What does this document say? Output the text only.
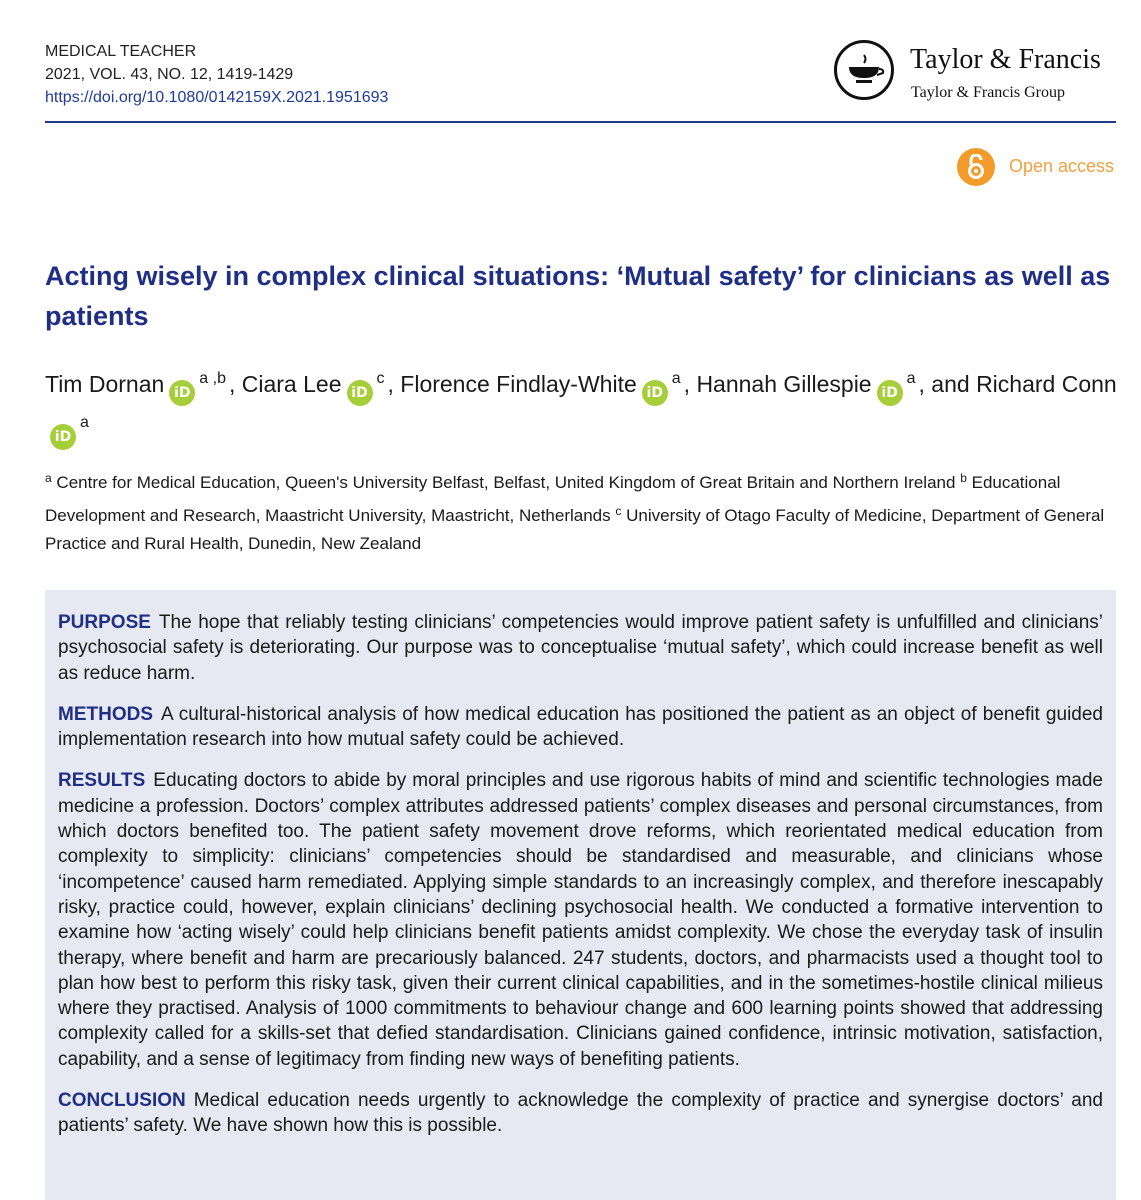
MEDICAL TEACHER
2021, VOL. 43, NO. 12, 1419-1429
https://doi.org/10.1080/0142159X.2021.1951693
Taylor & Francis
Taylor & Francis Group
Open access
Acting wisely in complex clinical situations: ‘Mutual safety’ for clinicians as well as patients
Tim Dornan iD$^{a ,b}$ , Ciara Lee $iD^c$ , Florence Findlay-White $iD^a$ , Hannah Gillespie $iD^a$ , and Richard ConniD$^a$
$^a$ Centre for Medical Education, Queen's University Belfast, Belfast, United Kingdom of Great Britain and Northern Ireland $^b$ Educational Development and Research, Maastricht University, Maastricht, Netherlands $^c$ University of Otago Faculty of Medicine, Department of General Practice and Rural Health, Dunedin, New Zealand

PURPOSE The hope that reliably testing clinicians’ competencies would improve patient safety is unfulfilled and clinicians’ psychosocial safety is deteriorating. Our purpose was to conceptualise ‘mutual safety’, which could increase benefit as well as reduce harm.

METHODS A cultural-historical analysis of how medical education has positioned the patient as an object of benefit guided implementation research into how mutual safety could be achieved.

RESULTS Educating doctors to abide by moral principles and use rigorous habits of mind and scientific technologies made medicine a profession. Doctors’ complex attributes addressed patients’ complex diseases and personal circumstances, from which doctors benefited too. The patient safety movement drove reforms, which reorientated medical education from complexity to simplicity: clinicians’ competencies should be standardised and measurable, and clinicians whose ‘incompetence’ caused harm remediated. Applying simple standards to an increasingly complex, and therefore inescapably risky, practice could, however, explain clinicians’ declining psychosocial health. We conducted a formative intervention to examine how ‘acting wisely’ could help clinicians benefit patients amidst complexity. We chose the everyday task of insulin therapy, where benefit and harm are precariously balanced. 247 students, doctors, and pharmacists used a thought tool to plan how best to perform this risky task, given their current clinical capabilities, and in the sometimes-hostile clinical milieus where they practised. Analysis of 1000 commitments to behaviour change and 600 learning points showed that addressing complexity called for a skills-set that defied standardisation. Clinicians gained confidence, intrinsic motivation, satisfaction, capability, and a sense of legitimacy from finding new ways of benefiting patients.

CONCLUSION Medical education needs urgently to acknowledge the complexity of practice and synergise doctors’ and patients’ safety. We have shown how this is possible.
